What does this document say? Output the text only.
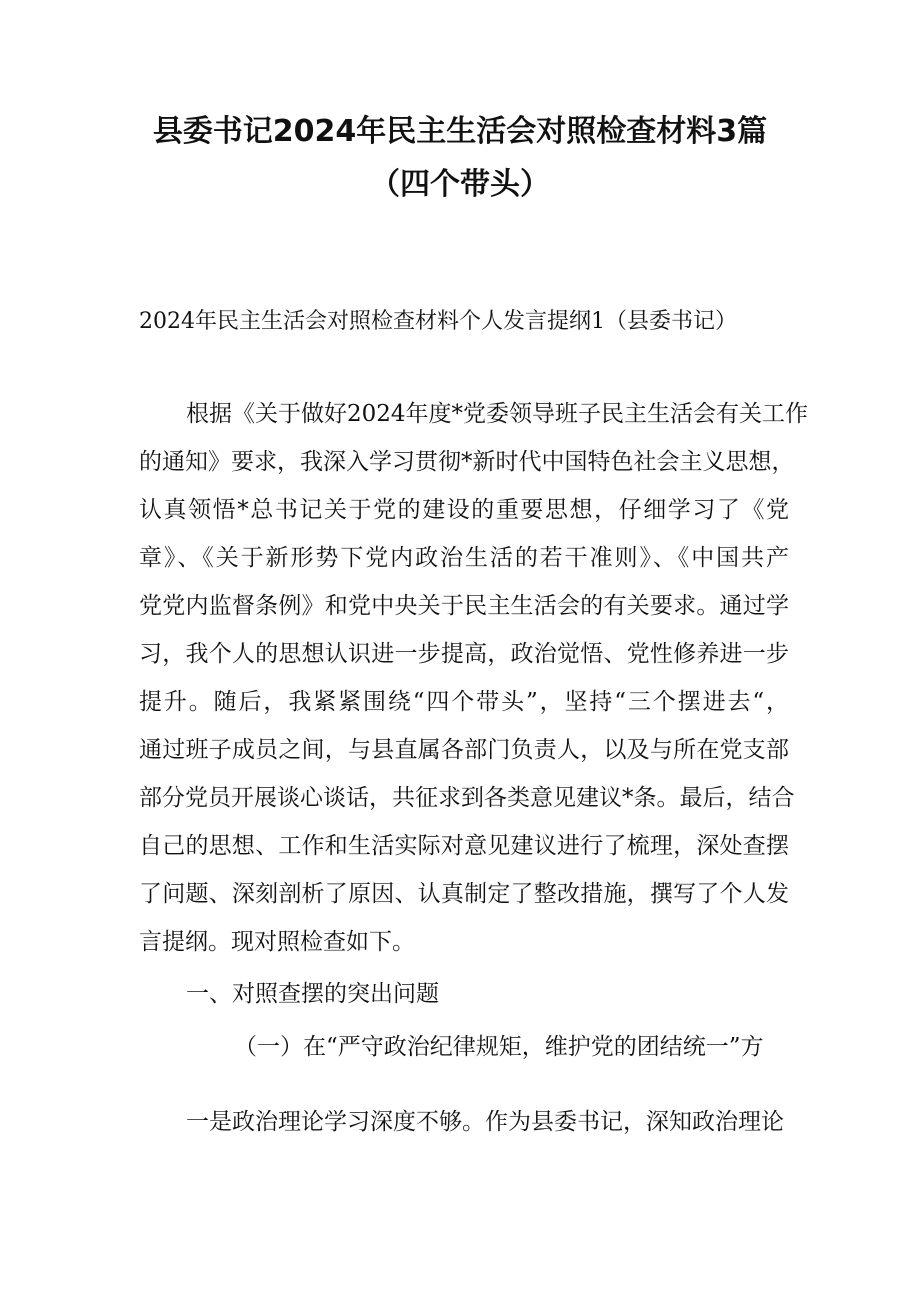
县委书记2024年民主生活会对照检查材料3篇
（四个带头）
2024年民主生活会对照检查材料个人发言提纲1（县委书记）

根据《关于做好2024年度*党委领导班子民主生活会有关工作

的通知》要求，我深入学习贯彻*新时代中国特色社会主义思想，

认真领悟*总书记关于党的建设的重要思想，仔细学习了《党

章》、《关于新形势下党内政治生活的若干准则》、《中国共产

党党内监督条例》和党中央关于民主生活会的有关要求。通过学

习，我个人的思想认识进一步提高，政治觉悟、党性修养进一步

提升。随后，我紧紧围绕“四个带头”，坚持“三个摆进去“，

通过班子成员之间，与县直属各部门负责人，以及与所在党支部

部分党员开展谈心谈话，共征求到各类意见建议*条。最后，结合

自己的思想、工作和生活实际对意见建议进行了梳理，深处查摆

了问题、深刻剖析了原因、认真制定了整改措施，撰写了个人发

言提纲。现对照检查如下。

一、对照查摆的突出问题

（一）在“严守政治纪律规矩，维护党的团结统一”方

一是政治理论学习深度不够。作为县委书记，深知政治理论
